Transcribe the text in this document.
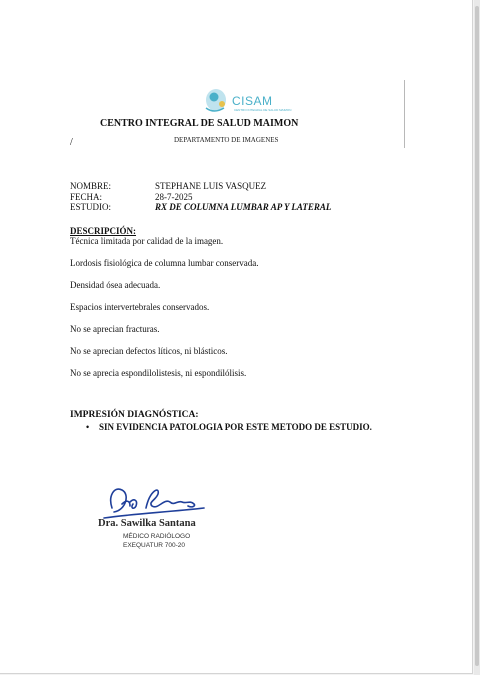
CISAM
CENTRO INTEGRAL DE SALUD MAIMON
CENTRO INTEGRAL DE SALUD MAIMON
/	DEPARTAMENTO DE IMAGENES
NOMBRE:	STEPHANE LUIS VASQUEZ
FECHA:	28-7-2025
ESTUDIO:	RX DE COLUMNA LUMBAR AP Y LATERAL
DESCRIPCIÓN:
Técnica limitada por calidad de la imagen.
Lordosis fisiológica de columna lumbar conservada.
Densidad ósea adecuada.
Espacios intervertebrales conservados.
No se aprecian fracturas.
No se aprecian defectos líticos, ni blásticos.
No se aprecia espondilolistesis, ni espondilólisis.
IMPRESIÓN DIAGNÓSTICA:
• SIN EVIDENCIA PATOLOGIA POR ESTE METODO DE ESTUDIO.
Dra. Sawilka Santana
MÉDICO RADIÓLOGO
EXEQUATUR 700-20
